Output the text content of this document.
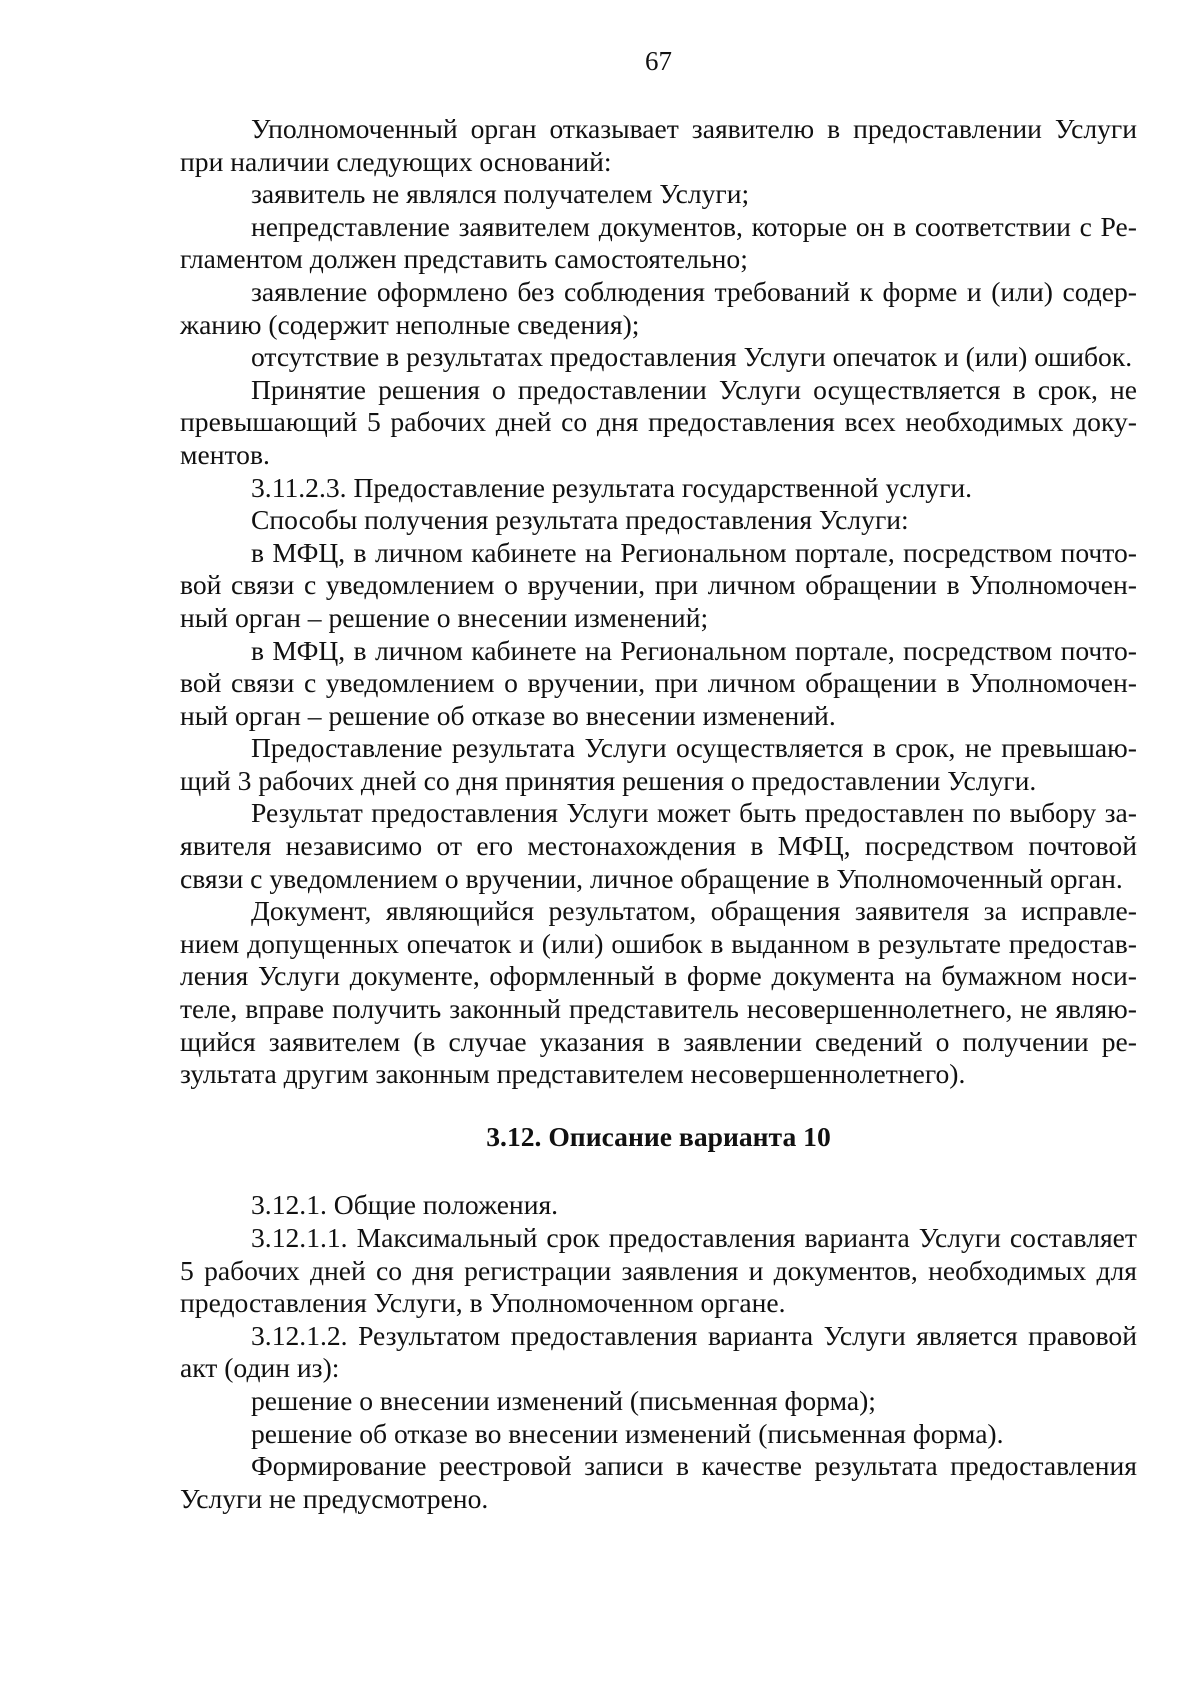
67

Уполномоченный орган отказывает заявителю в предоставлении Услуги при наличии следующих оснований:

заявитель не являлся получателем Услуги;

непредставление заявителем документов, которые он в соответствии с Регламентом должен представить самостоятельно;

заявление оформлено без соблюдения требований к форме и (или) содержанию (содержит неполные сведения);

отсутствие в результатах предоставления Услуги опечаток и (или) ошибок.

Принятие решения о предоставлении Услуги осуществляется в срок, не превышающий 5 рабочих дней со дня предоставления всех необходимых документов.

3.11.2.3. Предоставление результата государственной услуги.

Способы получения результата предоставления Услуги:

в МФЦ, в личном кабинете на Региональном портале, посредством почтовой связи с уведомлением о вручении, при личном обращении в Уполномоченный орган – решение о внесении изменений;

в МФЦ, в личном кабинете на Региональном портале, посредством почтовой связи с уведомлением о вручении, при личном обращении в Уполномоченный орган – решение об отказе во внесении изменений.

Предоставление результата Услуги осуществляется в срок, не превышающий 3 рабочих дней со дня принятия решения о предоставлении Услуги.

Результат предоставления Услуги может быть предоставлен по выбору заявителя независимо от его местонахождения в МФЦ, посредством почтовой связи с уведомлением о вручении, личное обращение в Уполномоченный орган.

Документ, являющийся результатом, обращения заявителя за исправлением допущенных опечаток и (или) ошибок в выданном в результате предоставления Услуги документе, оформленный в форме документа на бумажном носителе, вправе получить законный представитель несовершеннолетнего, не являющийся заявителем (в случае указания в заявлении сведений о получении результата другим законным представителем несовершеннолетнего).

3.12. Описание варианта 10

3.12.1. Общие положения.

3.12.1.1. Максимальный срок предоставления варианта Услуги составляет 5 рабочих дней со дня регистрации заявления и документов, необходимых для предоставления Услуги, в Уполномоченном органе.

3.12.1.2. Результатом предоставления варианта Услуги является правовой акт (один из):

решение о внесении изменений (письменная форма);

решение об отказе во внесении изменений (письменная форма).

Формирование реестровой записи в качестве результата предоставления Услуги не предусмотрено.
